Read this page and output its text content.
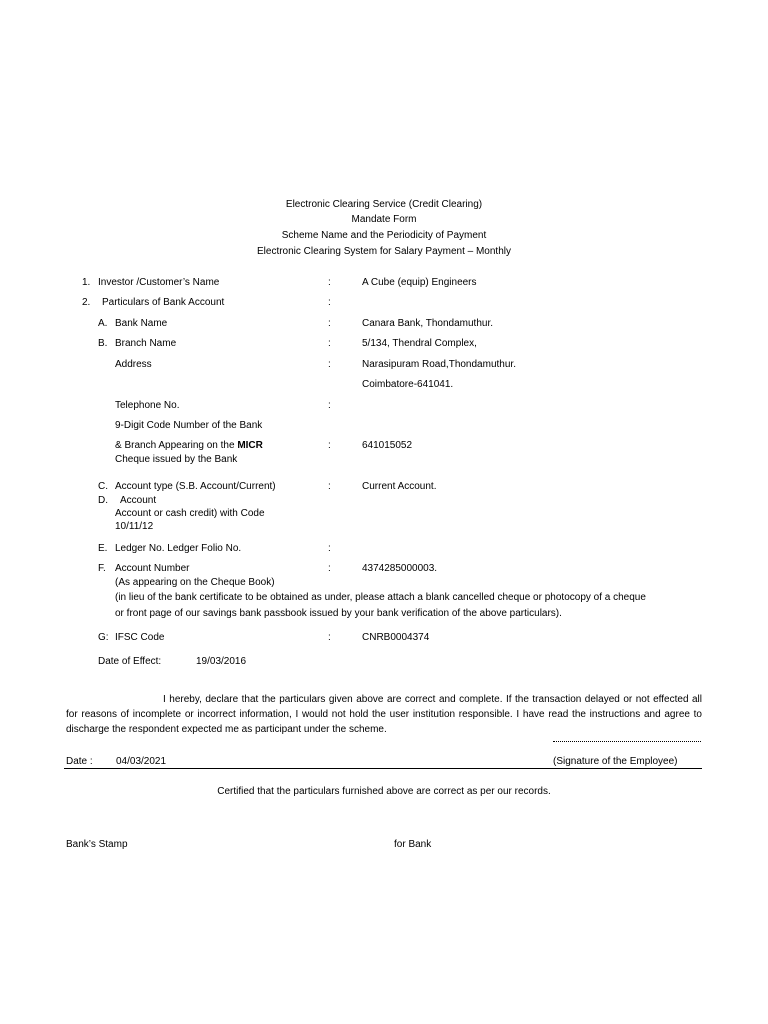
Electronic Clearing Service (Credit Clearing)
Mandate Form
Scheme Name and the Periodicity of Payment
Electronic Clearing System for Salary Payment – Monthly
1. Investor /Customer’s Name	:	A Cube (equip) Engineers
2. Particulars of Bank Account	:
A. Bank Name	:	Canara Bank, Thondamuthur.
B. Branch Name	:	5/134, Thendral Complex,
Address	:	Narasipuram Road,Thondamuthur.
Coimbatore-641041.
Telephone No.	:
9-Digit Code Number of the Bank
& Branch Appearing on the MICR	:	641015052
Cheque issued by the Bank
C. Account type (S.B. Account/Current)	:	Current Account.
D. Account
Account or cash credit) with Code
10/11/12
E. Ledger No. Ledger Folio No.	:
F. Account Number	:	4374285000003.
(As appearing on the Cheque Book)
(in lieu of the bank certificate to be obtained as under, please attach a blank cancelled cheque or photocopy of a cheque
or front page of our savings bank passbook issued by your bank verification of the above particulars).
G: IFSC Code	:	CNRB0004374
Date of Effect:	19/03/2016
I hereby, declare that the particulars given above are correct and complete. If the transaction delayed or not effected all for reasons of incomplete or incorrect information, I would not hold the user institution responsible. I have read the instructions and agree to discharge the respondent expected me as participant under the scheme.
Date : 04/03/2021	(Signature of the Employee)
Certified that the particulars furnished above are correct as per our records.
Bank’s Stamp	for Bank
